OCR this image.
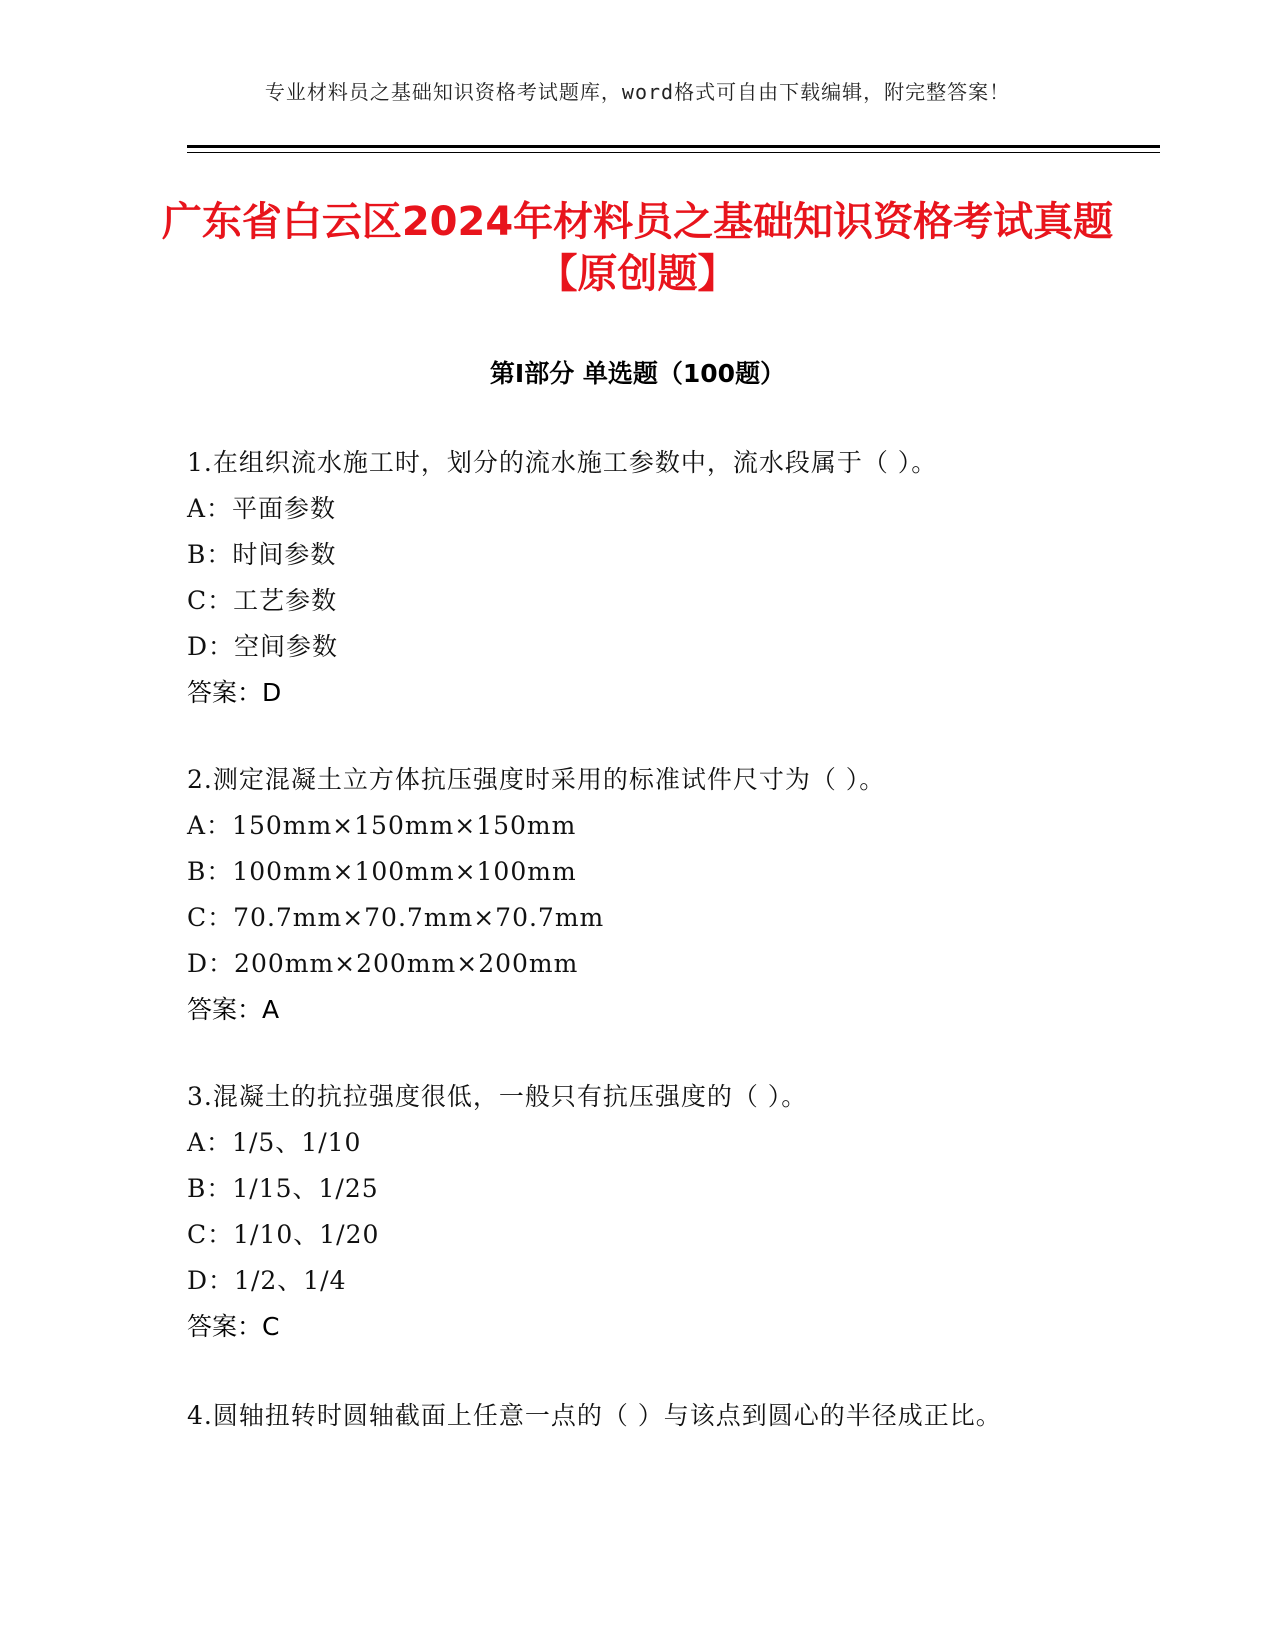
专业材料员之基础知识资格考试题库，word格式可自由下载编辑，附完整答案！
广东省白云区2024年材料员之基础知识资格考试真题【原创题】
第Ⅰ部分 单选题（100题）
1.在组织流水施工时，划分的流水施工参数中，流水段属于（ ）。
A：平面参数
B：时间参数
C：工艺参数
D：空间参数
答案：D
2.测定混凝土立方体抗压强度时采用的标准试件尺寸为（ ）。
A：150mm×150mm×150mm
B：100mm×100mm×100mm
C：70.7mm×70.7mm×70.7mm
D：200mm×200mm×200mm
答案：A
3.混凝土的抗拉强度很低，一般只有抗压强度的（ ）。
A：1/5、1/10
B：1/15、1/25
C：1/10、1/20
D：1/2、1/4
答案：C
4.圆轴扭转时圆轴截面上任意一点的（ ）与该点到圆心的半径成正比。
